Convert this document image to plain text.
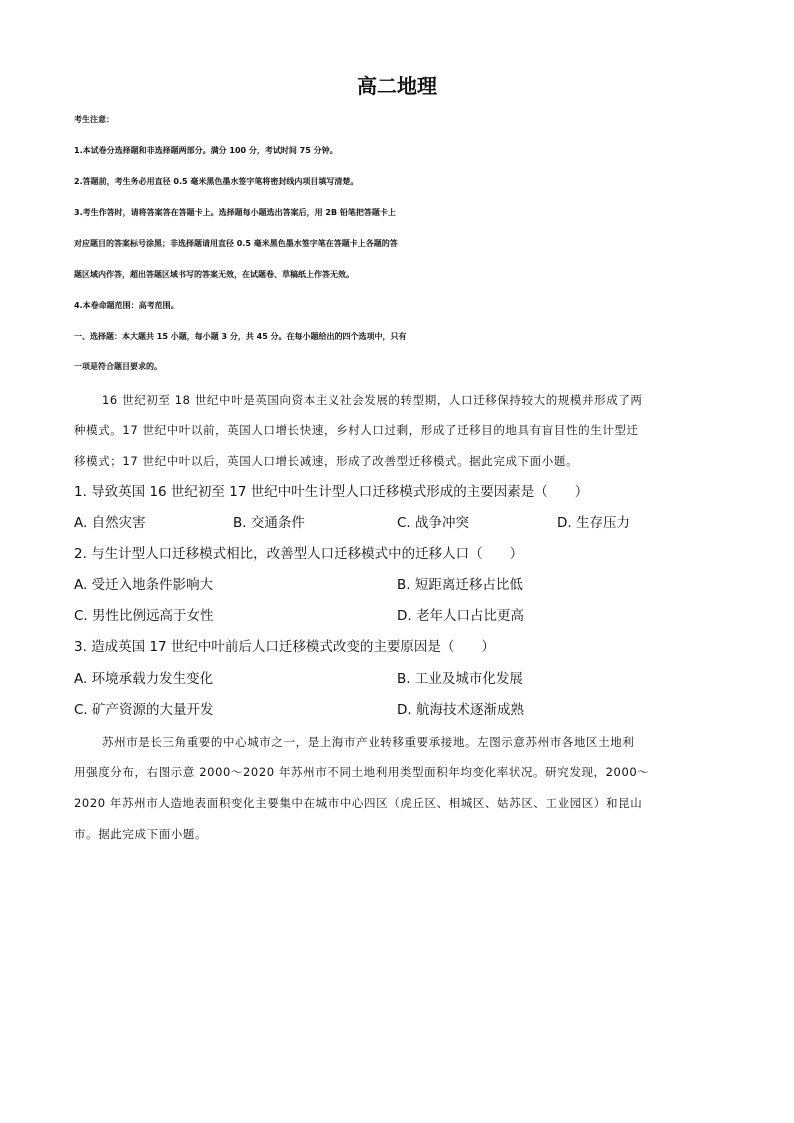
高二地理
考生注意：
1.本试卷分选择题和非选择题两部分。满分 100 分，考试时间 75 分钟。
2.答题前，考生务必用直径 0.5 毫米黑色墨水签字笔将密封线内项目填写清楚。
3.考生作答时，请将答案答在答题卡上。选择题每小题选出答案后，用 2B 铅笔把答题卡上
对应题目的答案标号涂黑；非选择题请用直径 0.5 毫米黑色墨水签字笔在答题卡上各题的答
题区域内作答，超出答题区域书写的答案无效，在试题卷、草稿纸上作答无效。
4.本卷命题范围：高考范围。
一、选择题：本大题共 15 小题，每小题 3 分，共 45 分。在每小题给出的四个选项中，只有
一项是符合题目要求的。
16 世纪初至 18 世纪中叶是英国向资本主义社会发展的转型期，人口迁移保持较大的规模并形成了两
种模式。17 世纪中叶以前，英国人口增长快速，乡村人口过剩，形成了迁移目的地具有盲目性的生计型迁
移模式；17 世纪中叶以后，英国人口增长减速，形成了改善型迁移模式。据此完成下面小题。
1. 导致英国 16 世纪初至 17 世纪中叶生计型人口迁移模式形成的主要因素是（　　）
A. 自然灾害	B. 交通条件	C. 战争冲突	D. 生存压力
2. 与生计型人口迁移模式相比，改善型人口迁移模式中的迁移人口（　　）
A. 受迁入地条件影响大	B. 短距离迁移占比低
C. 男性比例远高于女性	D. 老年人口占比更高
3. 造成英国 17 世纪中叶前后人口迁移模式改变的主要原因是（　　）
A. 环境承载力发生变化	B. 工业及城市化发展
C. 矿产资源的大量开发	D. 航海技术逐渐成熟
苏州市是长三角重要的中心城市之一，是上海市产业转移重要承接地。左图示意苏州市各地区土地利
用强度分布，右图示意 2000～2020 年苏州市不同土地利用类型面积年均变化率状况。研究发现，2000～
2020 年苏州市人造地表面积变化主要集中在城市中心四区（虎丘区、相城区、姑苏区、工业园区）和昆山
市。据此完成下面小题。
